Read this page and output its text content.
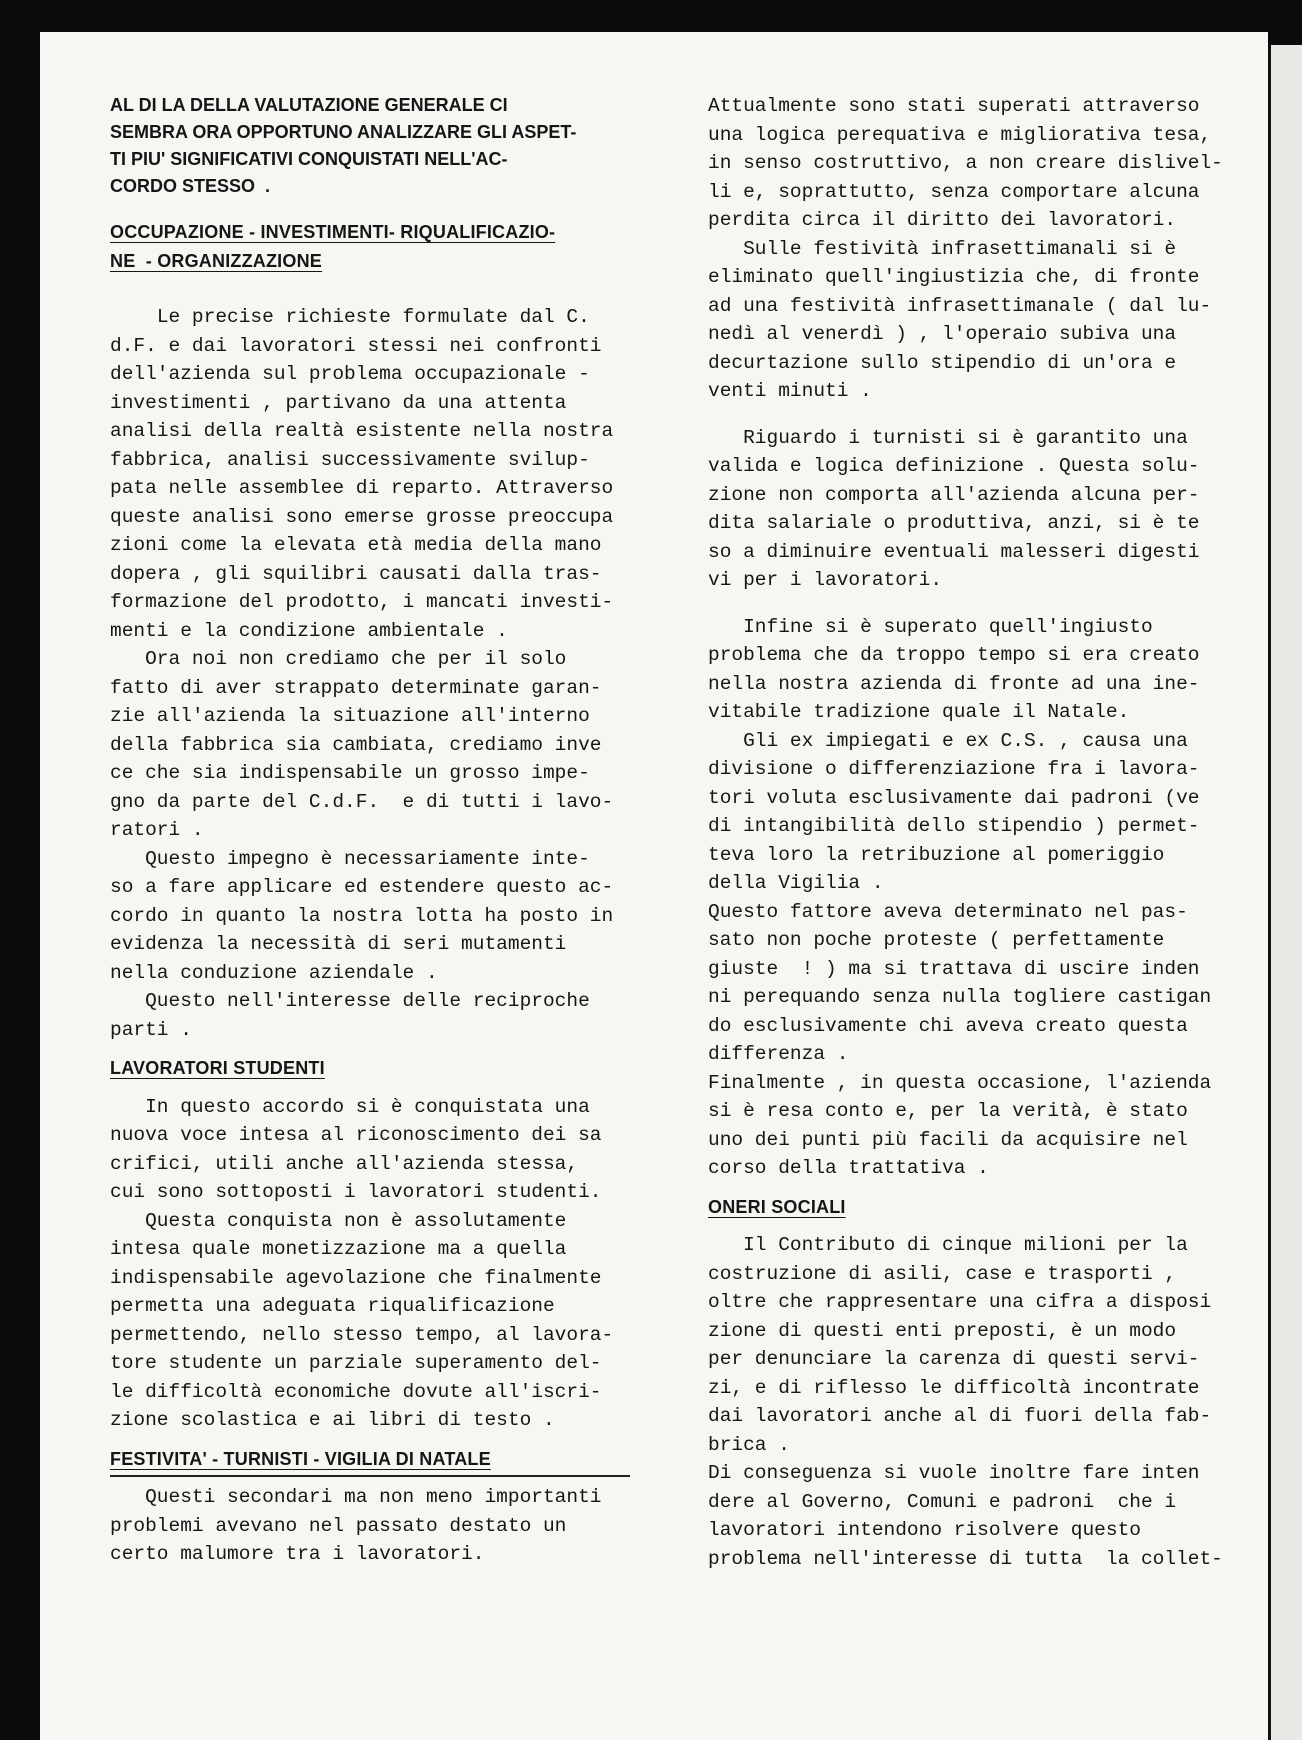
AL DI LA DELLA VALUTAZIONE GENERALE CI
SEMBRA ORA OPPORTUNO ANALIZZARE GLI ASPET-
TI PIU' SIGNIFICATIVI CONQUISTATI NELL'AC-
CORDO STESSO  .

OCCUPAZIONE - INVESTIMENTI- RIQUALIFICAZIO-
NE  - ORGANIZZAZIONE

Le precise richieste formulate dal C.
d.F. e dai lavoratori stessi nei confronti
dell'azienda sul problema occupazionale -
investimenti , partivano da una attenta
analisi della realtà esistente nella nostra
fabbrica, analisi successivamente svilup-
pata nelle assemblee di reparto. Attraverso
queste analisi sono emerse grosse preoccupa
zioni come la elevata età media della mano
dopera , gli squilibri causati dalla tras-
formazione del prodotto, i mancati investi-
menti e la condizione ambientale .

Ora noi non crediamo che per il solo
fatto di aver strappato determinate garan-
zie all'azienda la situazione all'interno
della fabbrica sia cambiata, crediamo inve
ce che sia indispensabile un grosso impe-
gno da parte del C.d.F.  e di tutti i lavo-
ratori .

Questo impegno è necessariamente inte-
so a fare applicare ed estendere questo ac-
cordo in quanto la nostra lotta ha posto in
evidenza la necessità di seri mutamenti
nella conduzione aziendale .

Questo nell'interesse delle reciproche
parti .

LAVORATORI STUDENTI

In questo accordo si è conquistata una
nuova voce intesa al riconoscimento dei sa
crifici, utili anche all'azienda stessa,
cui sono sottoposti i lavoratori studenti.

Questa conquista non è assolutamente
intesa quale monetizzazione ma a quella
indispensabile agevolazione che finalmente
permetta una adeguata riqualificazione
permettendo, nello stesso tempo, al lavora-
tore studente un parziale superamento del-
le difficoltà economiche dovute all'iscri-
zione scolastica e ai libri di testo .

FESTIVITA' - TURNISTI - VIGILIA DI NATALE

Questi secondari ma non meno importanti
problemi avevano nel passato destato un
certo malumore tra i lavoratori.

Attualmente sono stati superati attraverso
una logica perequativa e migliorativa tesa,
in senso costruttivo, a non creare dislivel-
li e, soprattutto, senza comportare alcuna
perdita circa il diritto dei lavoratori.

Sulle festività infrasettimanali si è
eliminato quell'ingiustizia che, di fronte
ad una festività infrasettimanale ( dal lu-
nedì al venerdì ) , l'operaio subiva una
decurtazione sullo stipendio di un'ora e
venti minuti .

Riguardo i turnisti si è garantito una
valida e logica definizione . Questa solu-
zione non comporta all'azienda alcuna per-
dita salariale o produttiva, anzi, si è te
so a diminuire eventuali malesseri digesti
vi per i lavoratori.

Infine si è superato quell'ingiusto
problema che da troppo tempo si era creato
nella nostra azienda di fronte ad una ine-
vitabile tradizione quale il Natale.

Gli ex impiegati e ex C.S. , causa una
divisione o differenziazione fra i lavora-
tori voluta esclusivamente dai padroni (ve
di intangibilità dello stipendio ) permet-
teva loro la retribuzione al pomeriggio
della Vigilia .

Questo fattore aveva determinato nel pas-
sato non poche proteste ( perfettamente
giuste  ! ) ma si trattava di uscire inden
ni perequando senza nulla togliere castigan
do esclusivamente chi aveva creato questa
differenza .

Finalmente , in questa occasione, l'azienda
si è resa conto e, per la verità, è stato
uno dei punti più facili da acquisire nel
corso della trattativa .

ONERI SOCIALI

Il Contributo di cinque milioni per la
costruzione di asili, case e trasporti ,
oltre che rappresentare una cifra a disposi
zione di questi enti preposti, è un modo
per denunciare la carenza di questi servi-
zi, e di riflesso le difficoltà incontrate
dai lavoratori anche al di fuori della fab-
brica .

Di conseguenza si vuole inoltre fare inten
dere al Governo, Comuni e padroni  che i
lavoratori intendono risolvere questo
problema nell'interesse di tutta  la collet-
